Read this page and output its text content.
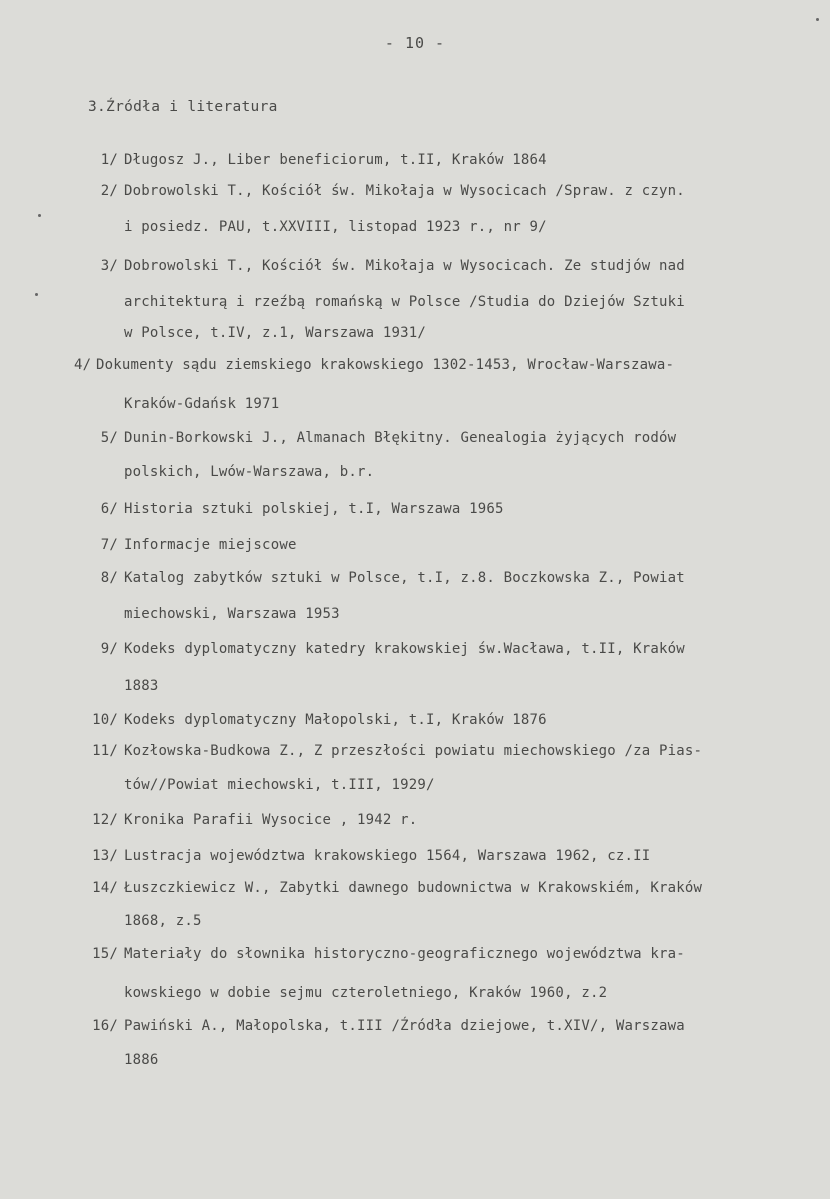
- 10 -
3.Źródła i literatura
1/ Długosz J., Liber beneficiorum, t.II, Kraków 1864
2/ Dobrowolski T., Kościół św. Mikołaja w Wysocicach /Spraw. z czyn.
i posiedz. PAU, t.XXVIII, listopad 1923 r., nr 9/
3/ Dobrowolski T., Kościół św. Mikołaja w Wysocicach. Ze studjów nad
architekturą i rzeźbą romańską w Polsce /Studia do Dziejów Sztuki
w Polsce, t.IV, z.1, Warszawa 1931/
4/ Dokumenty sądu ziemskiego krakowskiego 1302-1453, Wrocław-Warszawa-
Kraków-Gdańsk 1971
5/ Dunin-Borkowski J., Almanach Błękitny. Genealogia żyjących rodów
polskich, Lwów-Warszawa, b.r.
6/ Historia sztuki polskiej, t.I, Warszawa 1965
7/ Informacje miejscowe
8/ Katalog zabytków sztuki w Polsce, t.I, z.8. Boczkowska Z., Powiat
miechowski, Warszawa 1953
9/ Kodeks dyplomatyczny katedry krakowskiej św.Wacława, t.II, Kraków
1883
10/ Kodeks dyplomatyczny Małopolski, t.I, Kraków 1876
11/ Kozłowska-Budkowa Z., Z przeszłości powiatu miechowskiego /za Pias-
tów//Powiat miechowski, t.III, 1929/
12/ Kronika Parafii Wysocice , 1942 r.
13/ Lustracja województwa krakowskiego 1564, Warszawa 1962, cz.II
14/ Łuszczkiewicz W., Zabytki dawnego budownictwa w Krakowskiém, Kraków
1868, z.5
15/ Materiały do słownika historyczno-geograficznego województwa kra-
kowskiego w dobie sejmu czteroletniego, Kraków 1960, z.2
16/ Pawiński A., Małopolska, t.III /Źródła dziejowe, t.XIV/, Warszawa
1886
